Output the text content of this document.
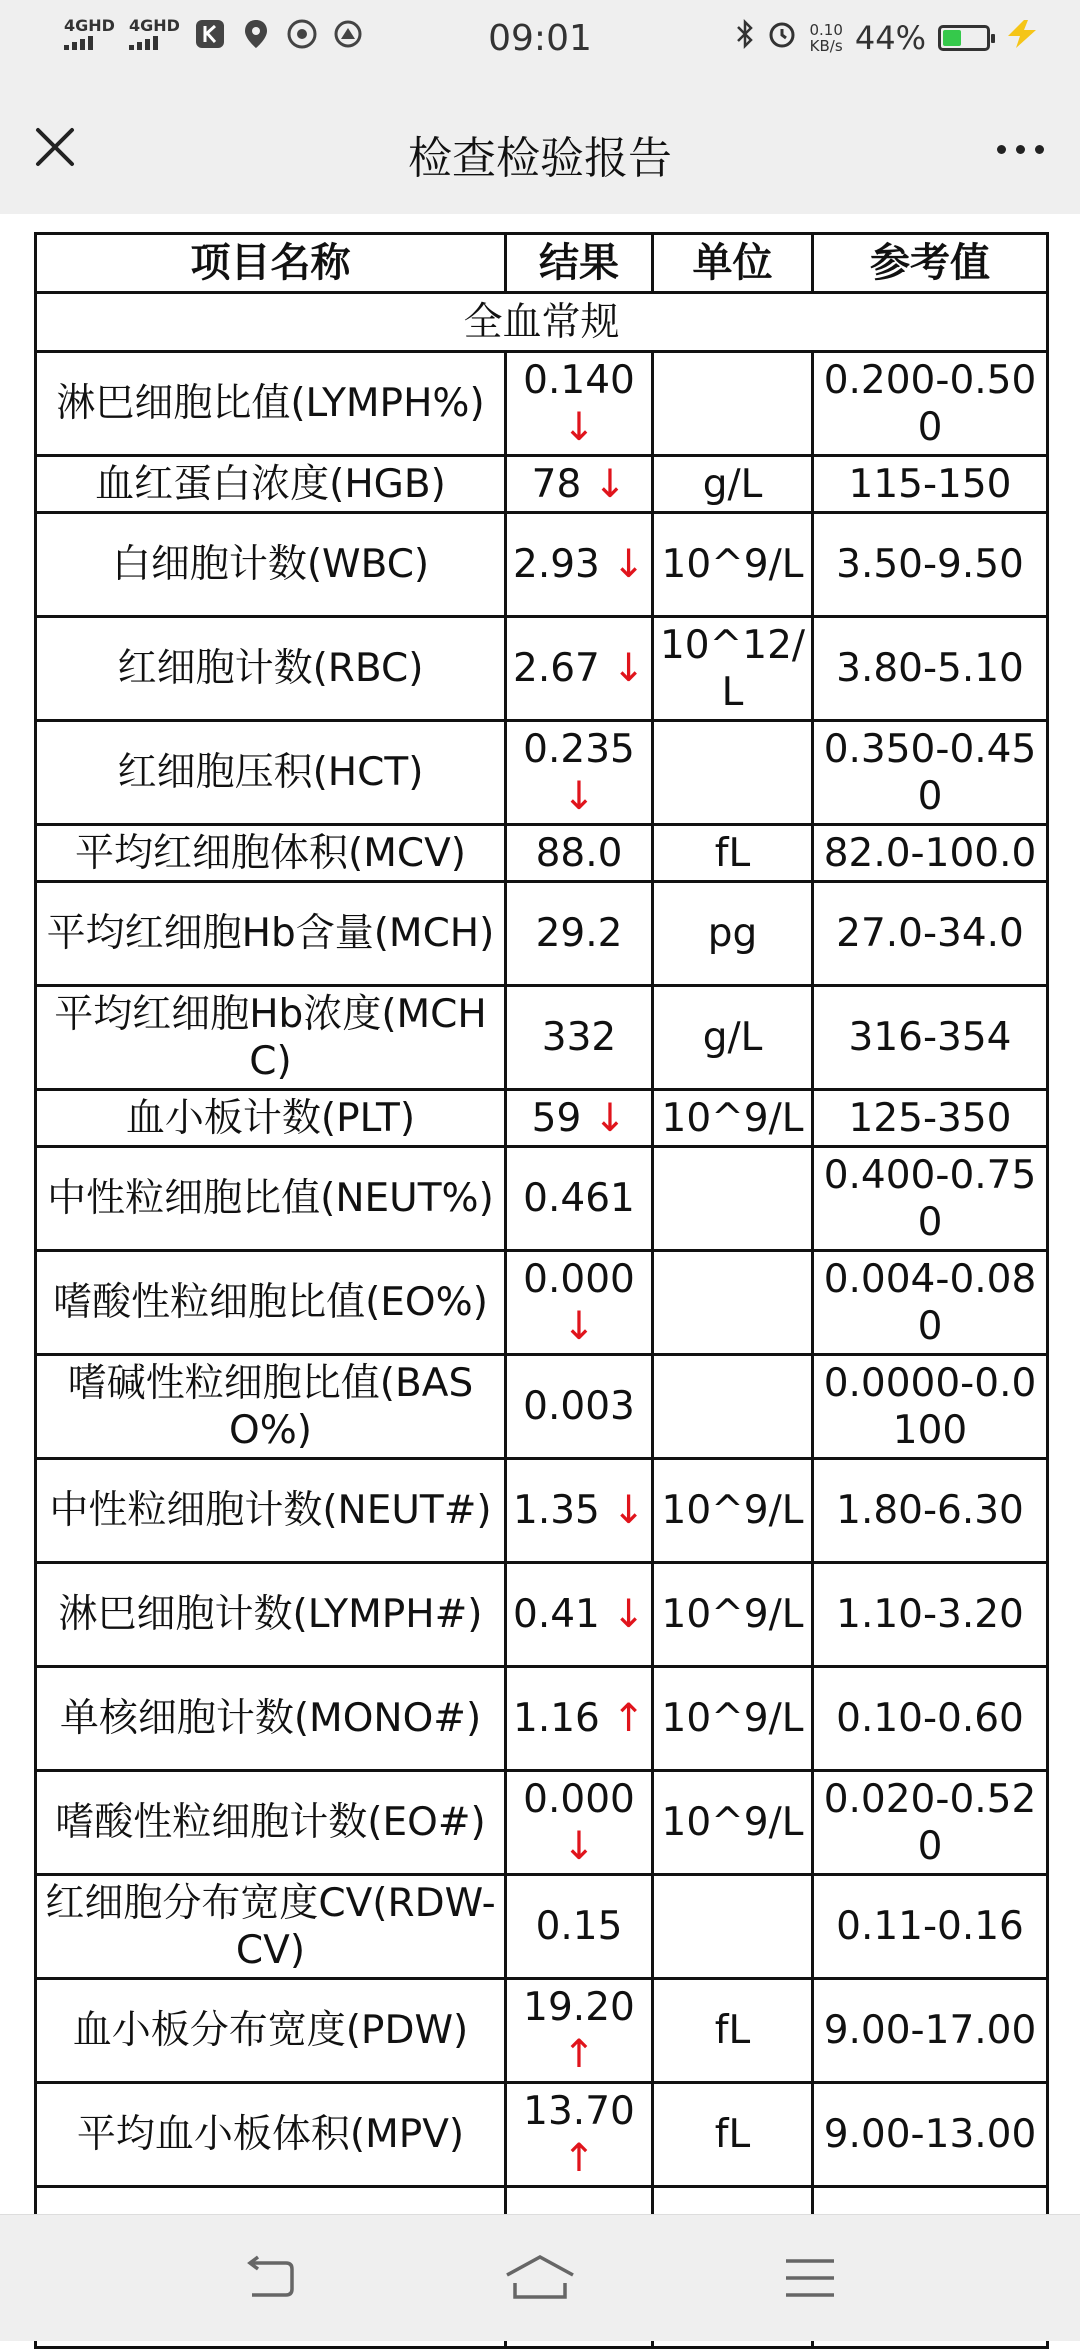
4GHD 4GHD	09:01	0.10
KB/s 44%
检查检验报告
项目名称	结果	单位	参考值
全血常规			
淋巴细胞比值(LYMPH%)	0.140 ↓		0.200-0.500
血红蛋白浓度(HGB)	78 ↓	g/L	115-150
白细胞计数(WBC)	2.93 ↓	10^9/L	3.50-9.50
红细胞计数(RBC)	2.67 ↓	10^12/L	3.80-5.10
红细胞压积(HCT)	0.235 ↓		0.350-0.450
平均红细胞体积(MCV)	88.0	fL	82.0-100.0
平均红细胞Hb含量(MCH)	29.2	pg	27.0-34.0
平均红细胞Hb浓度(MCHC)	332	g/L	316-354
血小板计数(PLT)	59 ↓	10^9/L	125-350
中性粒细胞比值(NEUT%)	0.461		0.400-0.750
嗜酸性粒细胞比值(EO%)	0.000 ↓		0.004-0.080
嗜碱性粒细胞比值(BASO%)	0.003		0.0000-0.0100
中性粒细胞计数(NEUT#)	1.35 ↓	10^9/L	1.80-6.30
淋巴细胞计数(LYMPH#)	0.41 ↓	10^9/L	1.10-3.20
单核细胞计数(MONO#)	1.16 ↑	10^9/L	0.10-0.60
嗜酸性粒细胞计数(EO#)	0.000 ↓	10^9/L	0.020-0.520
红细胞分布宽度CV(RDW-CV)	0.15		0.11-0.16
血小板分布宽度(PDW)	19.20 ↑	fL	9.00-17.00
平均血小板体积(MPV)	13.70 ↑	fL	9.00-13.00
